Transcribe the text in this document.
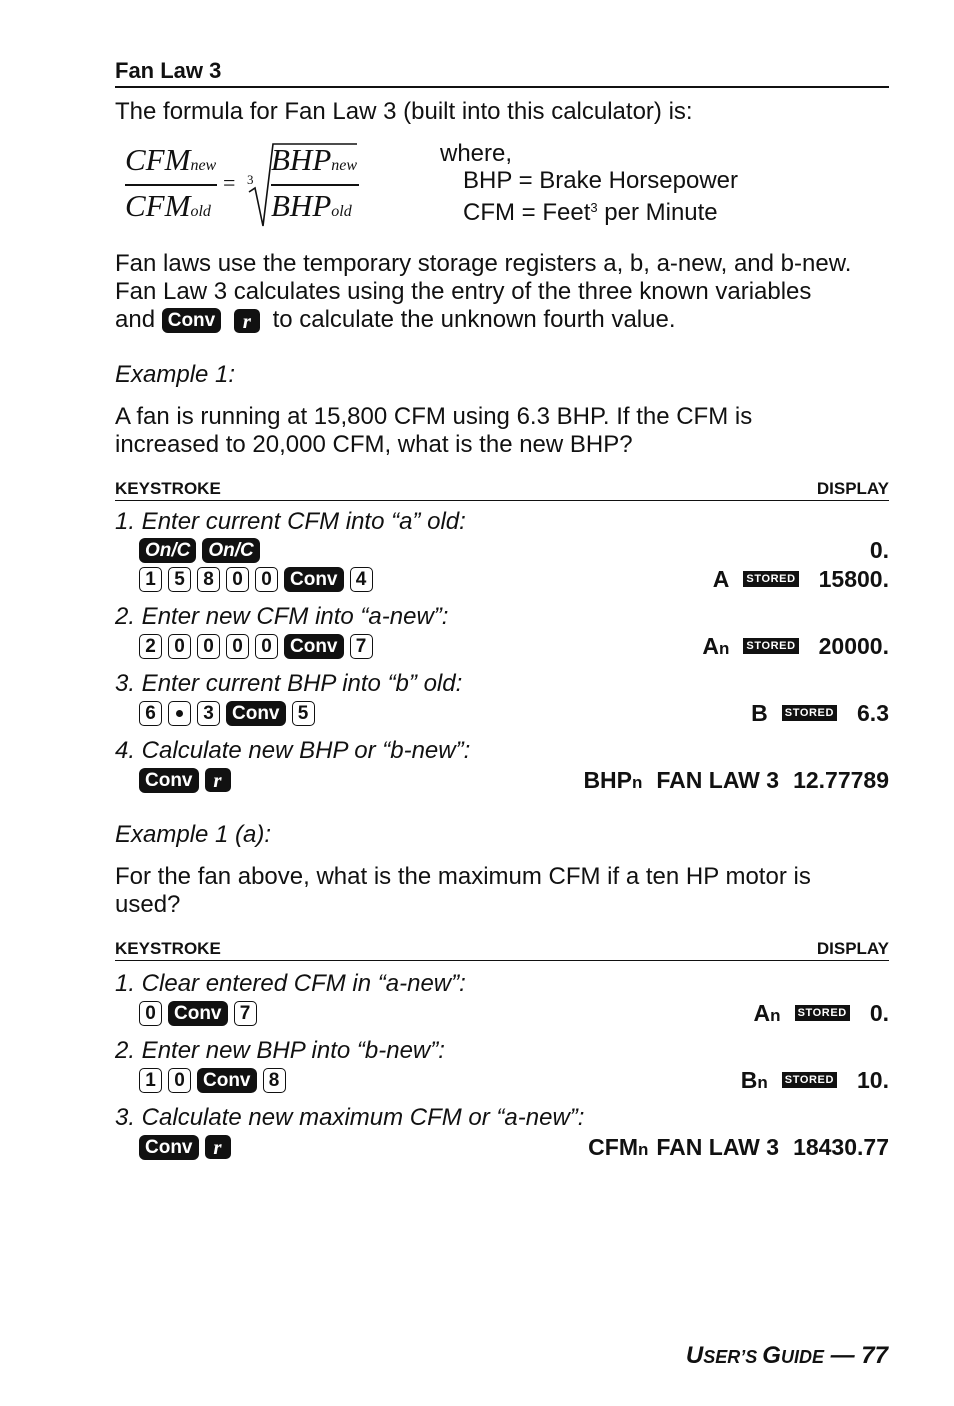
Fan Law 3
The formula for Fan Law 3 (built into this calculator) is:
CFMnew
CFMold
= 3
BHPnew
BHPold
where,
BHP = Brake Horsepower
CFM = Feet$^3$ per Minute
Fan laws use the temporary storage registers a, b, a-new, and b-new.
Fan Law 3 calculates using the entry of the three known variables
and Conv r to calculate the unknown fourth value.
Example 1:
A fan is running at 15,800 CFM using 6.3 BHP. If the CFM is
increased to 20,000 CFM, what is the new BHP?
KEYSTROKE	DISPLAY
1. Enter current CFM into “a” old:
On/C On/C	0.
1 5 8 0 0 Conv 4	A STORED 15800.
2. Enter new CFM into “a-new”:
2 0 0 0 0 Conv 7	An STORED 20000.
3. Enter current BHP into “b” old:
6 3 Conv 5	B STORED 6.3
4. Calculate new BHP or “b-new”:
Conv r	BHPn FAN LAW 3 12.77789
Example 1 (a):
For the fan above, what is the maximum CFM if a ten HP motor is
used?
KEYSTROKE	DISPLAY
1. Clear entered CFM in “a-new”:
0 Conv 7	An STORED 0.
2. Enter new BHP into “b-new”:
1 0 Conv 8	Bn STORED 10.
3. Calculate new maximum CFM or “a-new”:
Conv r	CFMn FAN LAW 3 18430.77
USER’S GUIDE — 77
